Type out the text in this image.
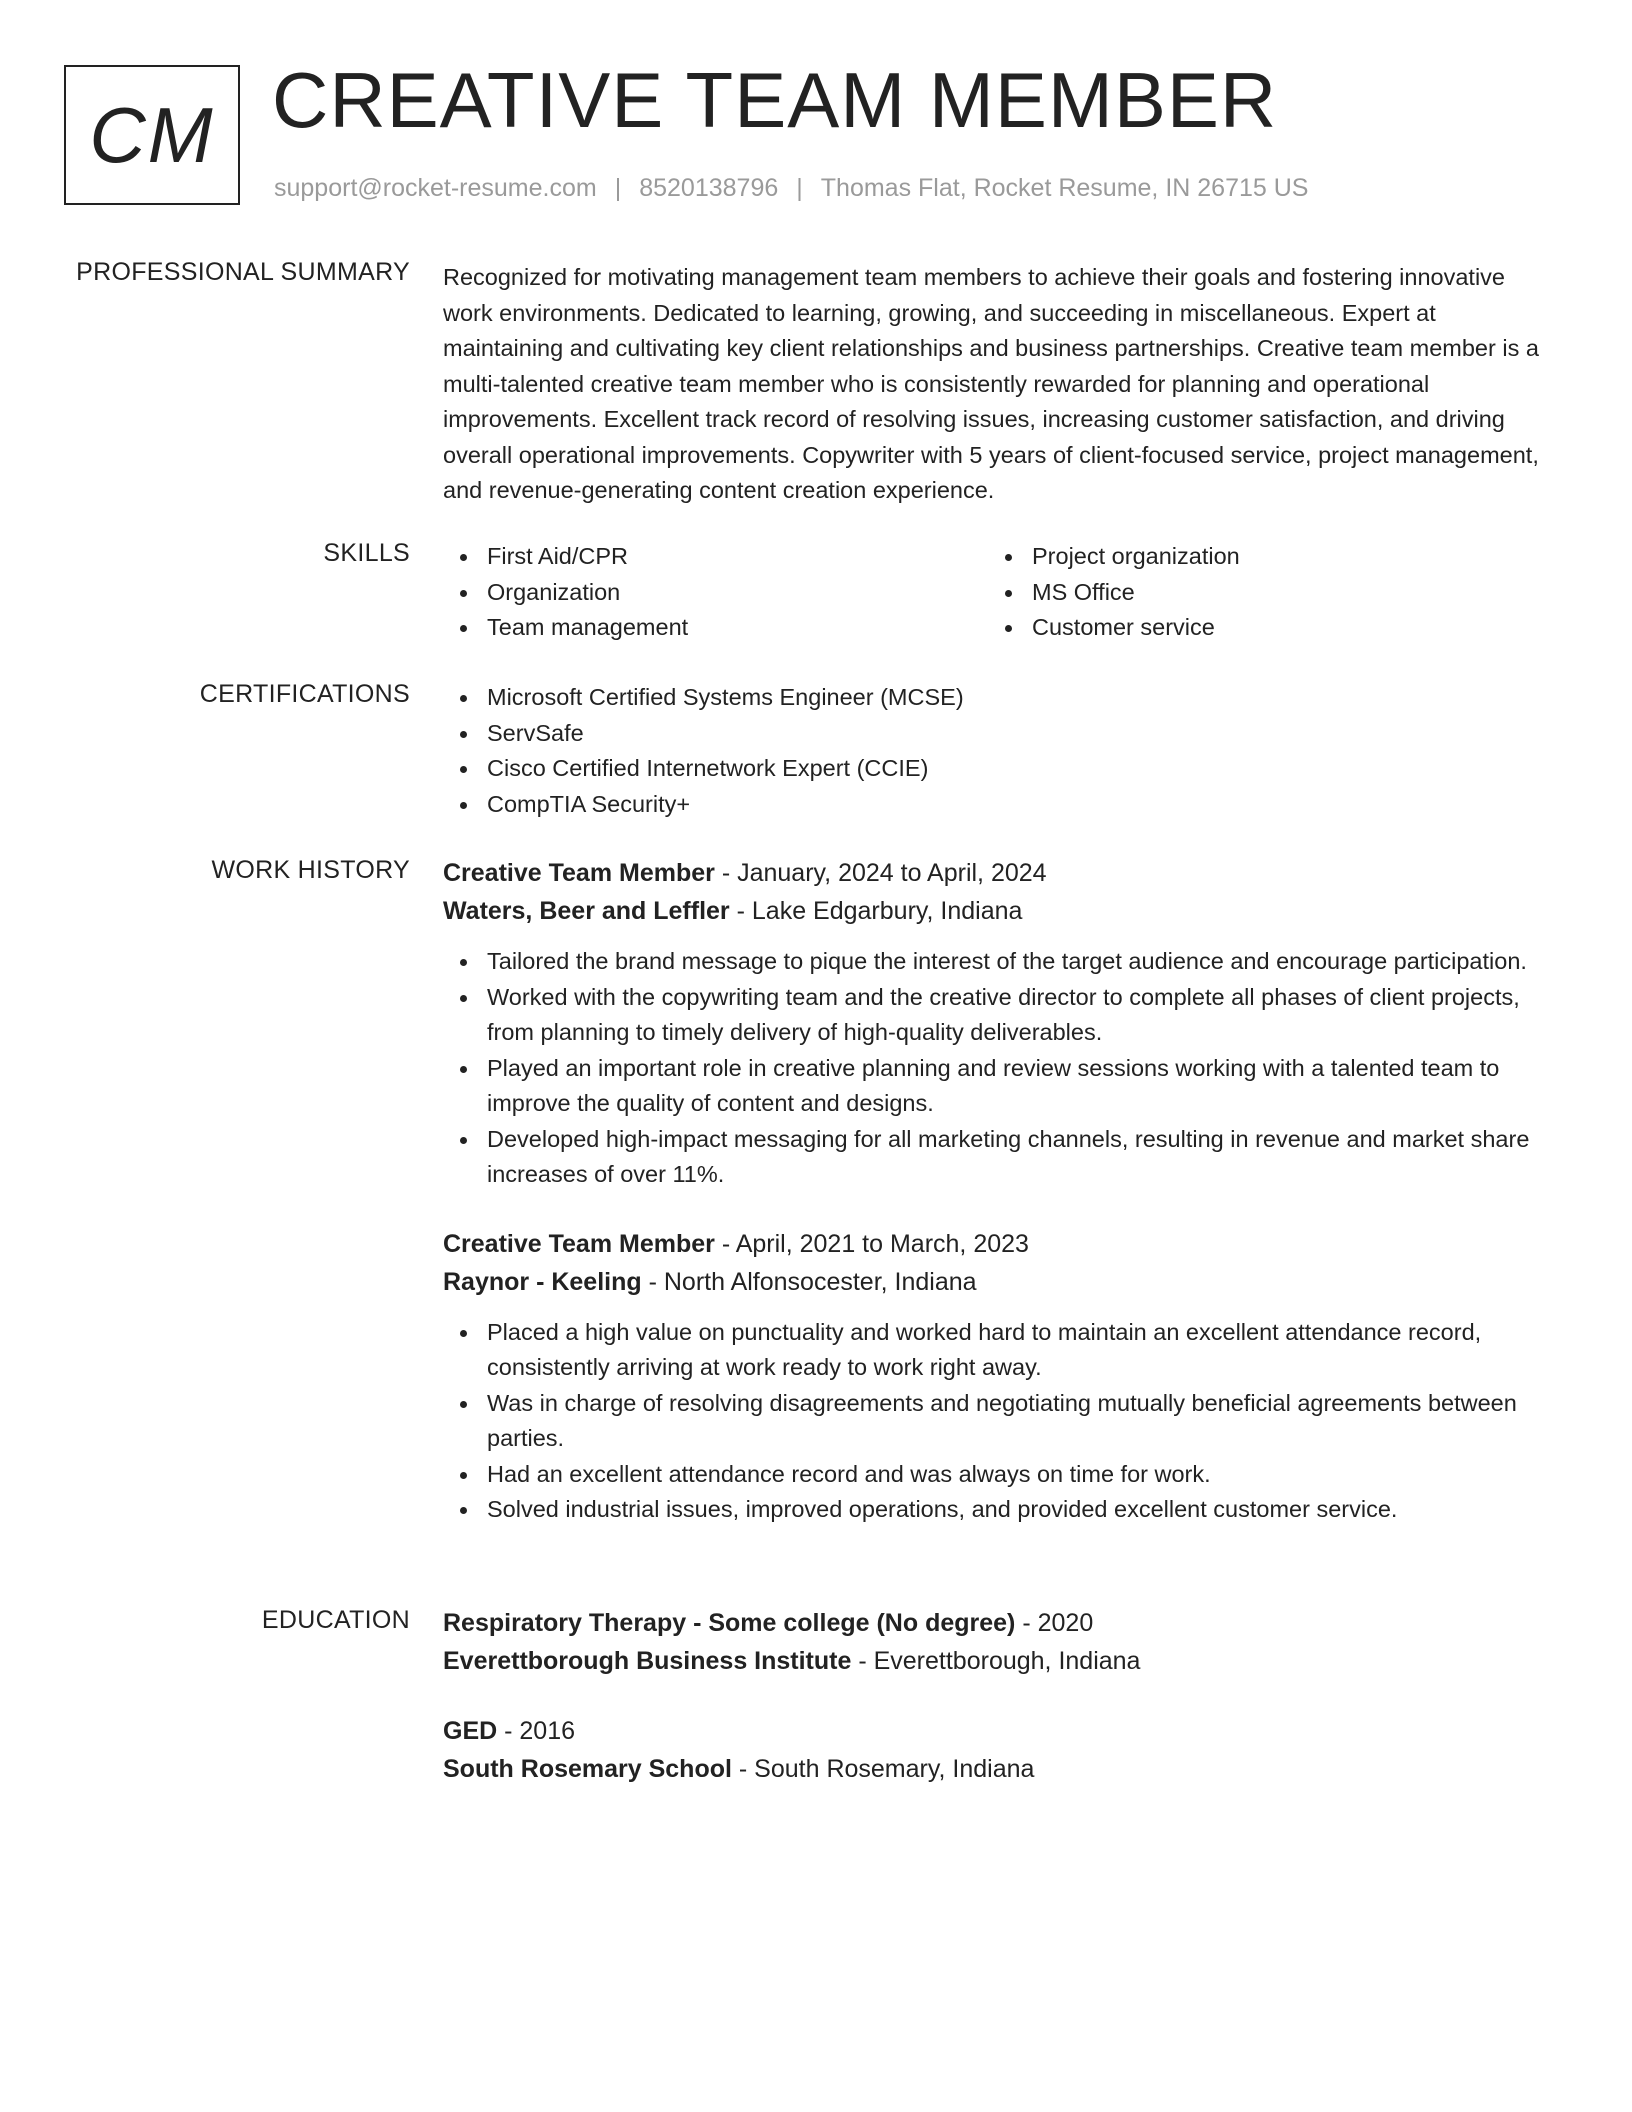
CM CREATIVE TEAM MEMBER
support@rocket-resume.com | 8520138796 | Thomas Flat, Rocket Resume, IN 26715 US
PROFESSIONAL SUMMARY Recognized for motivating management team members to achieve their goals and fostering innovative work environments. Dedicated to learning, growing, and succeeding in miscellaneous. Expert at maintaining and cultivating key client relationships and business partnerships. Creative team member is a multi-talented creative team member who is consistently rewarded for planning and operational improvements. Excellent track record of resolving issues, increasing customer satisfaction, and driving overall operational improvements. Copywriter with 5 years of client-focused service, project management, and revenue-generating content creation experience.

SKILLS	First Aid/CPR
Organization
Team management
Project organization
MS Office
Customer service
CERTIFICATIONS	Microsoft Certified Systems Engineer (MCSE)
ServSafe
Cisco Certified Internetwork Expert (CCIE)
CompTIA Security+
WORK HISTORY Creative Team Member - January, 2024 to April, 2024
Waters, Beer and Leffler - Lake Edgarbury, Indiana
Tailored the brand message to pique the interest of the target audience and encourage participation.
Worked with the copywriting team and the creative director to complete all phases of client projects, from planning to timely delivery of high-quality deliverables.
Played an important role in creative planning and review sessions working with a talented team to improve the quality of content and designs.
Developed high-impact messaging for all marketing channels, resulting in revenue and market share increases of over 11%.
Creative Team Member - April, 2021 to March, 2023
Raynor - Keeling - North Alfonsocester, Indiana
Placed a high value on punctuality and worked hard to maintain an excellent attendance record, consistently arriving at work ready to work right away.
Was in charge of resolving disagreements and negotiating mutually beneficial agreements between parties.
Had an excellent attendance record and was always on time for work.
Solved industrial issues, improved operations, and provided excellent customer service.
EDUCATION Respiratory Therapy - Some college (No degree) - 2020
Everettborough Business Institute - Everettborough, Indiana
GED - 2016
South Rosemary School - South Rosemary, Indiana
